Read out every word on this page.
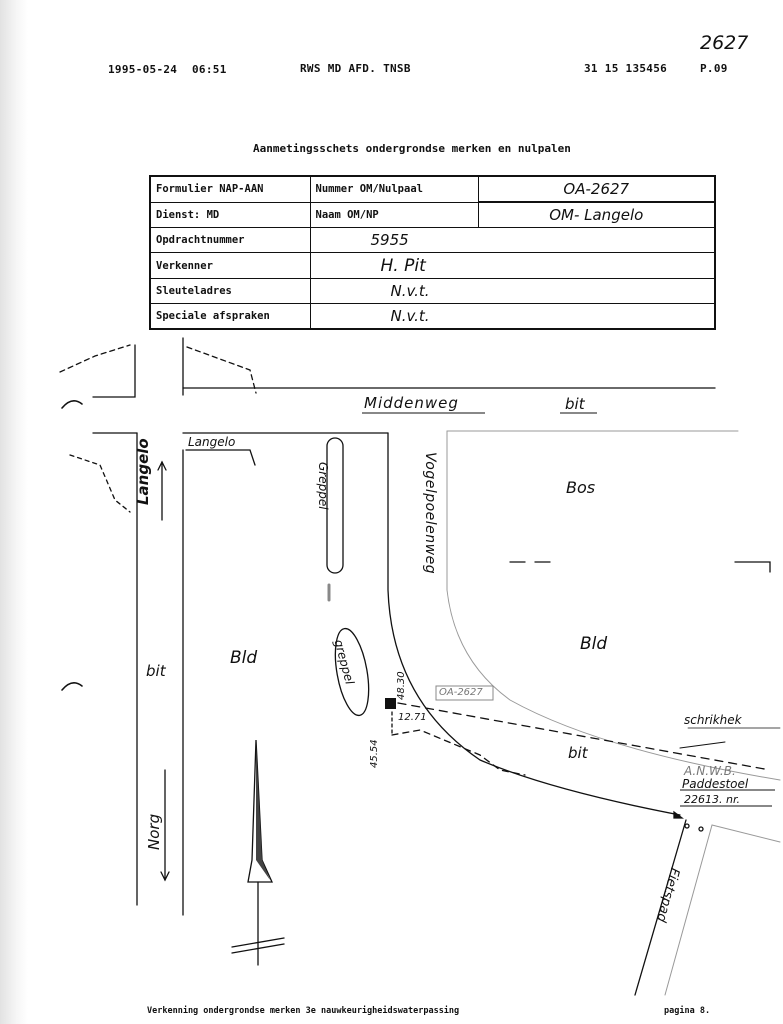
2627
1995-05-24 06:51	RWS MD AFD. TNSB	31 15 135456	P.09
Aanmetingsschets ondergrondse merken en nulpalen
Formulier NAP-AAN	Nummer OM/Nulpaal	OA-2627
Dienst: MD	Naam OM/NP	OM- Langelo
Opdrachtnummer	5955	
Verkenner	H. Pit	
Sleuteladres	N.v.t.	
Speciale afspraken	N.v.t.	
Middenweg	bit
Langelo
Langelo	Greppel	Vogelpoelenweg	Bos
Bld
Bld
bit	greppel	48.30
12.71
45.54
OA-2627
schrikhek
bit
A.N.W.B.
Paddestoel
22613. nr.
Fietspad
Norg
Verkenning ondergrondse merken 3e nauwkeurigheidswaterpassing	pagina 8.
